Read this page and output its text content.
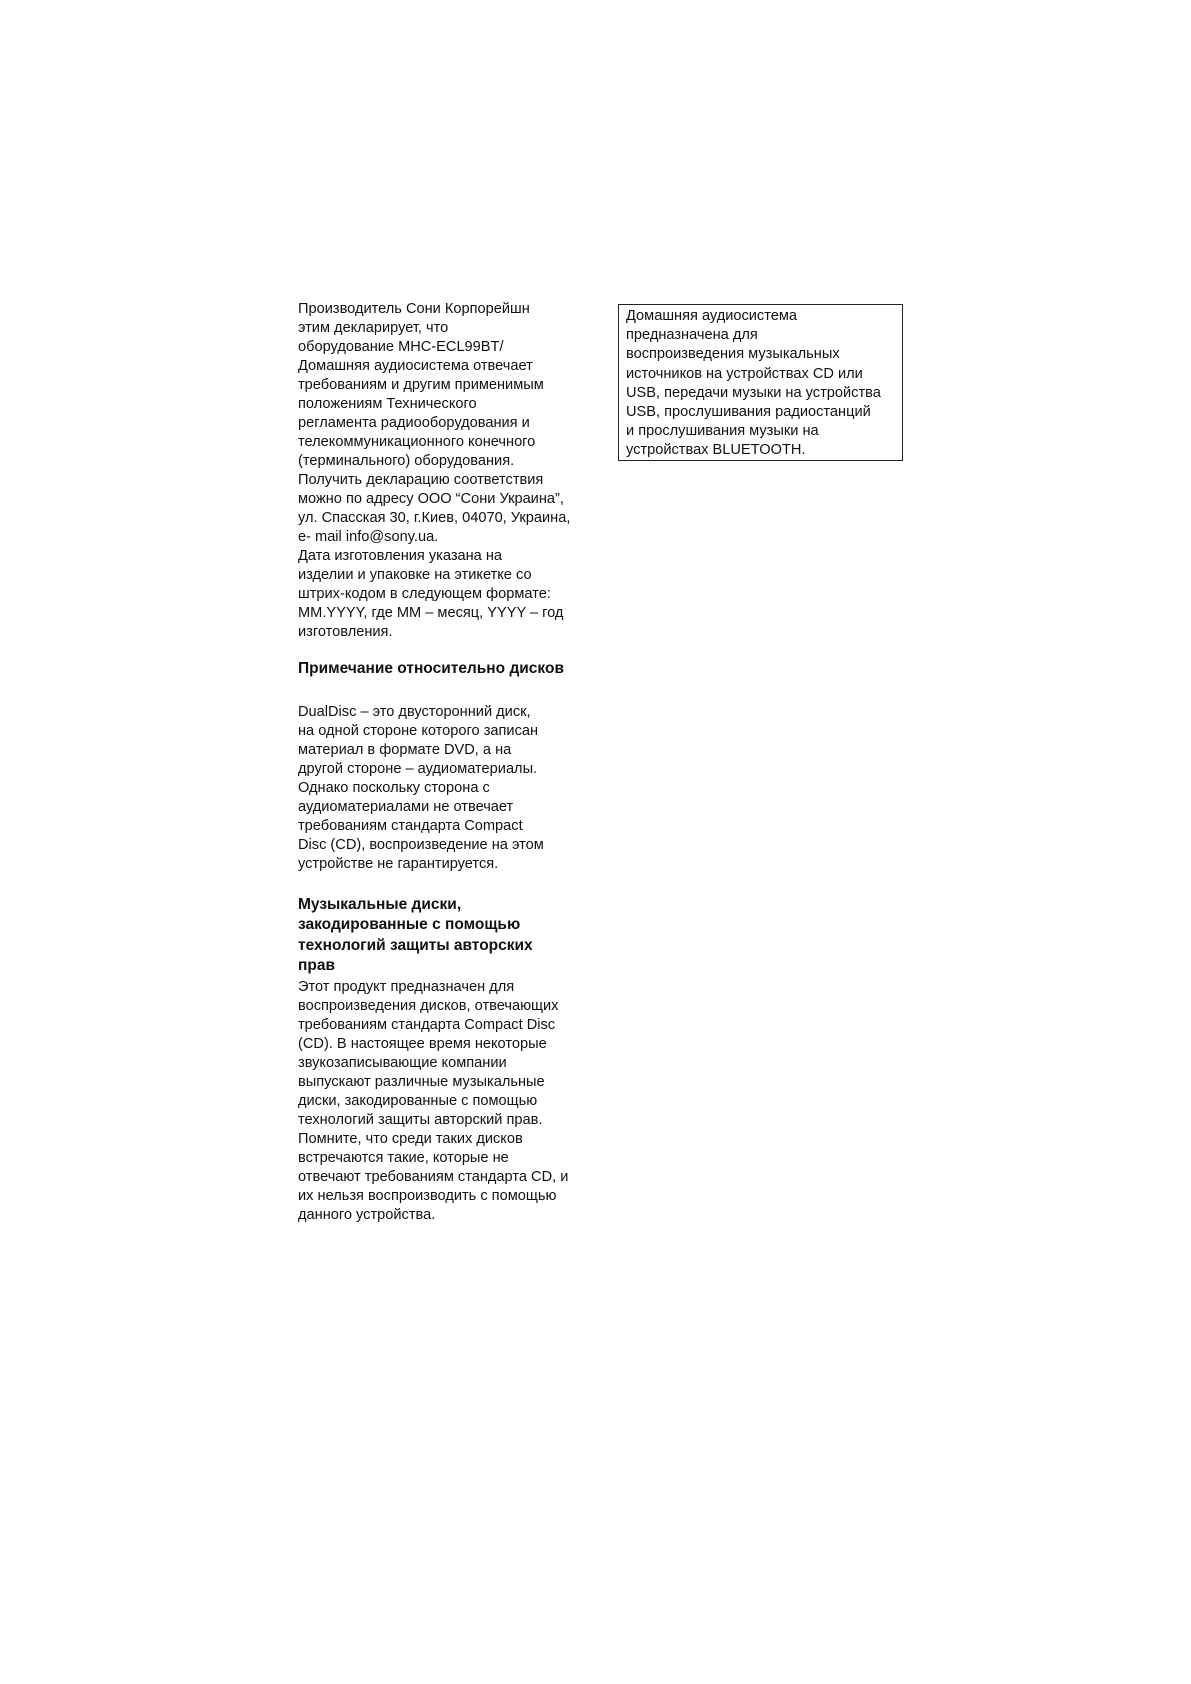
Производитель Сони Корпорейшн
этим декларирует, что
оборудование MHC-ECL99BT/
Домашняя аудиосистема отвечает
требованиям и другим применимым
положениям Технического
регламента радиооборудования и
телекоммуникационного конечного
(терминального) оборудования.
Получить декларацию соответствия
можно по адресу ООО “Сони Украина”,
ул. Спасская 30, г.Киев, 04070, Украина,
e- mail info@sony.ua.
Дата изготовления указана на
изделии и упаковке на этикетке со
штрих-кодом в следующем формате:
MM.YYYY, где MM – месяц, YYYY – год
изготовления.
Примечание относительно дисков
DualDisc – это двусторонний диск,
на одной стороне которого записан
материал в формате DVD, а на
другой стороне – аудиоматериалы.
Однако поскольку сторона с
аудиоматериалами не отвечает
требованиям стандарта Compact
Disc (CD), воспроизведение на этом
устройстве не гарантируется.
Музыкальные диски,
закодированные с помощью
технологий защиты авторских
прав
Этот продукт предназначен для
воспроизведения дисков, отвечающих
требованиям стандарта Compact Disc
(CD). В настоящее время некоторые
звукозаписывающие компании
выпускают различные музыкальные
диски, закодированные с помощью
технологий защиты авторский прав.
Помните, что среди таких дисков
встречаются такие, которые не
отвечают требованиям стандарта CD, и
их нельзя воспроизводить с помощью
данного устройства.
Домашняя аудиосистема
предназначена для
воспроизведения музыкальных
источников на устройствах CD или
USB, передачи музыки на устройства
USB, прослушивания радиостанций
и прослушивания музыки на
устройствах BLUETOOTH.
